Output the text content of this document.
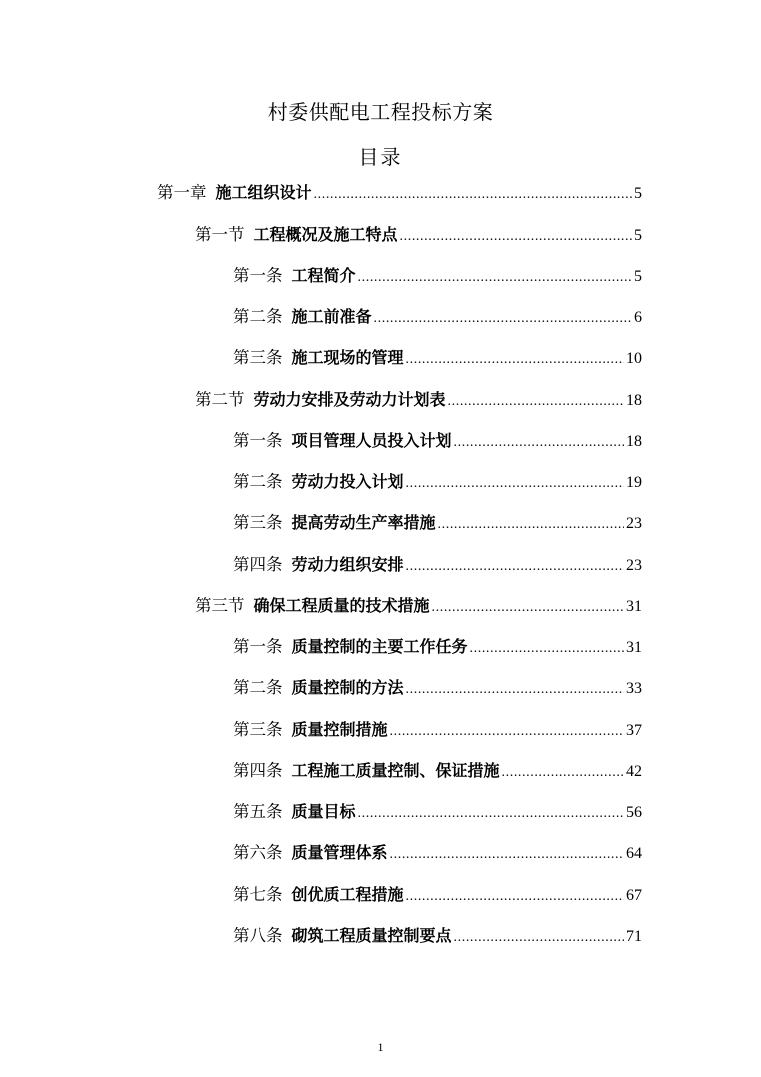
村委供配电工程投标方案
目录
第一章 施工组织设计 .....	5
第一节 工程概况及施工特点 .....	5
第一条 工程简介 .....	5
第二条 施工前准备 .....	6
第三条 施工现场的管理 .....	10
第二节 劳动力安排及劳动力计划表 .....	18
第一条 项目管理人员投入计划 .....	18
第二条 劳动力投入计划 .....	19
第三条 提高劳动生产率措施 .....	23
第四条 劳动力组织安排 .....	23
第三节 确保工程质量的技术措施 .....	31
第一条 质量控制的主要工作任务 .....	31
第二条 质量控制的方法 .....	33
第三条 质量控制措施 .....	37
第四条 工程施工质量控制、保证措施 .....	42
第五条 质量目标 .....	56
第六条 质量管理体系 .....	64
第七条 创优质工程措施 .....	67
第八条 砌筑工程质量控制要点 .....	71
1
